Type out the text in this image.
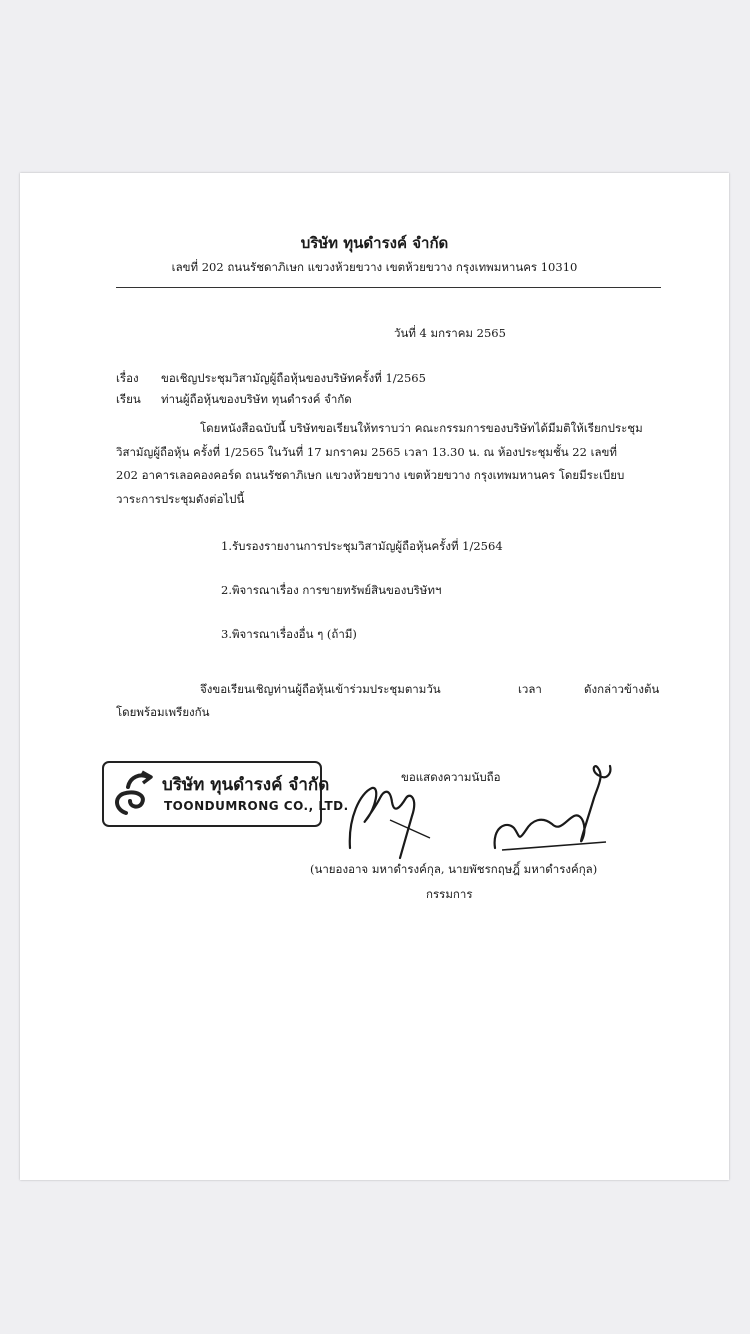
บริษัท ทุนดำรงค์ จำกัด
เลขที่ 202 ถนนรัชดาภิเษก แขวงห้วยขวาง เขตห้วยขวาง กรุงเทพมหานคร 10310
วันที่ 4 มกราคม 2565
เรื่อง ขอเชิญประชุมวิสามัญผู้ถือหุ้นของบริษัทครั้งที่ 1/2565
เรียน ท่านผู้ถือหุ้นของบริษัท ทุนดำรงค์ จำกัด

โดยหนังสือฉบับนี้ บริษัทขอเรียนให้ทราบว่า คณะกรรมการของบริษัทได้มีมติให้เรียกประชุม

วิสามัญผู้ถือหุ้น ครั้งที่ 1/2565 ในวันที่ 17 มกราคม 2565 เวลา 13.30 น. ณ ห้องประชุมชั้น 22 เลขที่

202 อาคารเลอคองคอร์ด ถนนรัชดาภิเษก แขวงห้วยขวาง เขตห้วยขวาง กรุงเทพมหานคร โดยมีระเบียบ

วาระการประชุมดังต่อไปนี้

1.รับรองรายงานการประชุมวิสามัญผู้ถือหุ้นครั้งที่ 1/2564
2.พิจารณาเรื่อง การขายทรัพย์สินของบริษัทฯ
3.พิจารณาเรื่องอื่น ๆ (ถ้ามี)
จึงขอเรียนเชิญท่านผู้ถือหุ้นเข้าร่วมประชุมตามวัน	เวลา	ดังกล่าวข้างต้น
โดยพร้อมเพรียงกัน
บริษัท ทุนดำรงค์ จำกัด
TOONDUMRONG CO., LTD.
ขอแสดงความนับถือ
(นายองอาจ มหาดำรงค์กุล, นายพัชรกฤษฎิ์ มหาดำรงค์กุล)
กรรมการ
